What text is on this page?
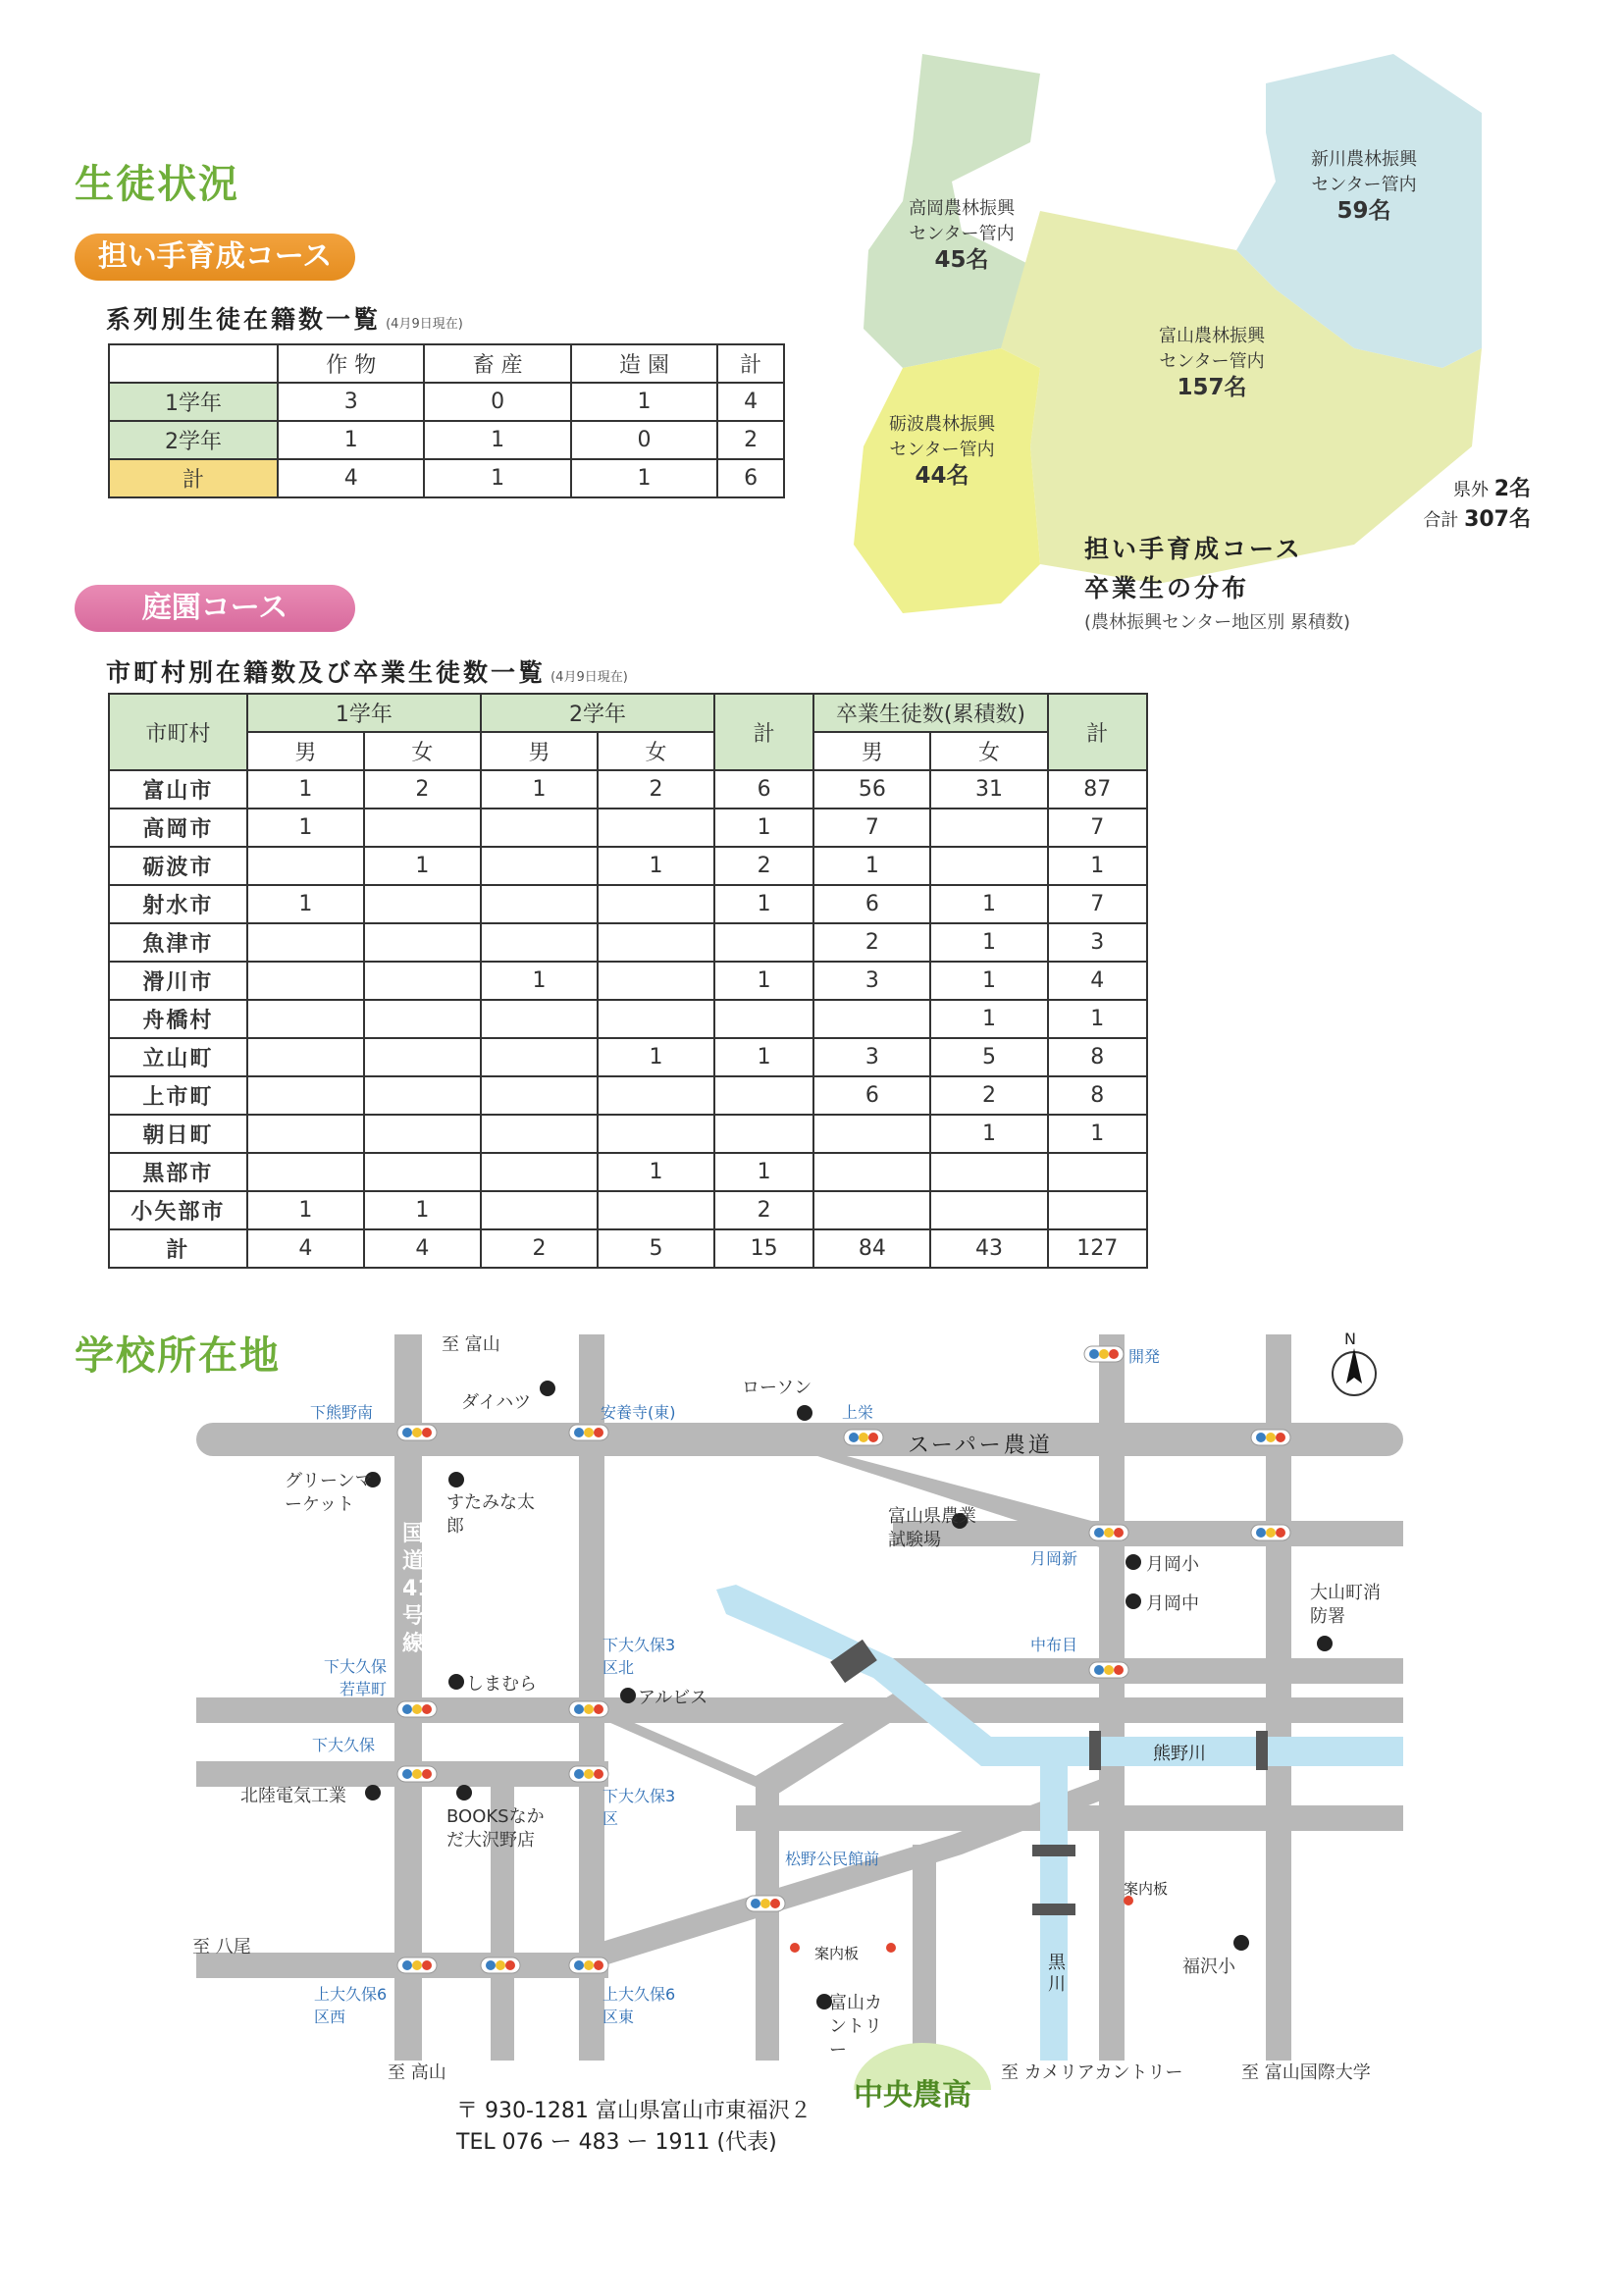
生徒状況
担い手育成コース
系列別生徒在籍数一覧 (4月9日現在)
	作 物	畜 産	造 園	計
1学年	3	0	1	4
2学年	1	1	0	2
計	4	1	1	6
高岡農林振興
センター管内
45名
新川農林振興
センター管内
59名
富山農林振興
センター管内
157名
砺波農林振興
センター管内
44名
県外 2名
合計 307名
担い手育成コース
卒業生の分布
(農林振興センター地区別 累積数)
庭園コース
市町村別在籍数及び卒業生徒数一覧 (4月9日現在)
市町村	1学年		2学年		計	卒業生徒数(累積数)		計
	男	女	男	女		男	女	
富山市	1	2	1	2	6	56	31	87
高岡市	1				1	7		7
砺波市		1		1	2	1		1
射水市	1				1	6	1	7
魚津市						2	1	3
滑川市			1		1	3	1	4
舟橋村							1	1
立山町				1	1	3	5	8
上市町						6	2	8
朝日町							1	1
黒部市				1	1			
小矢部市	1	1			2			
計	4	4	2	5	15	84	43	127
学校所在地	至 富山
至 高山
至 八尾
至 カメリアカントリー	至 富山国際大学
N
国道41号線
スーパー農道
熊野川
黒川
下熊野南	安養寺(東)	上栄
開発
月岡新
中布目
下大久保若草町
下大久保
下大久保3区北
下大久保3区
松野公民館前
上大久保6区西
上大久保6区東
ダイハツ
ローソン
グリーンマーケット	すたみな太郎	富山県農業試験場
月岡小
月岡中
大山町消防署
しまむら
アルビス
北陸電気工業
BOOKSなかだ大沢野店
富山カントリー
福沢小
案内板
案内板
中央農高
〒 930-1281 富山県富山市東福沢２
TEL 076 ー 483 ー 1911 (代表)
